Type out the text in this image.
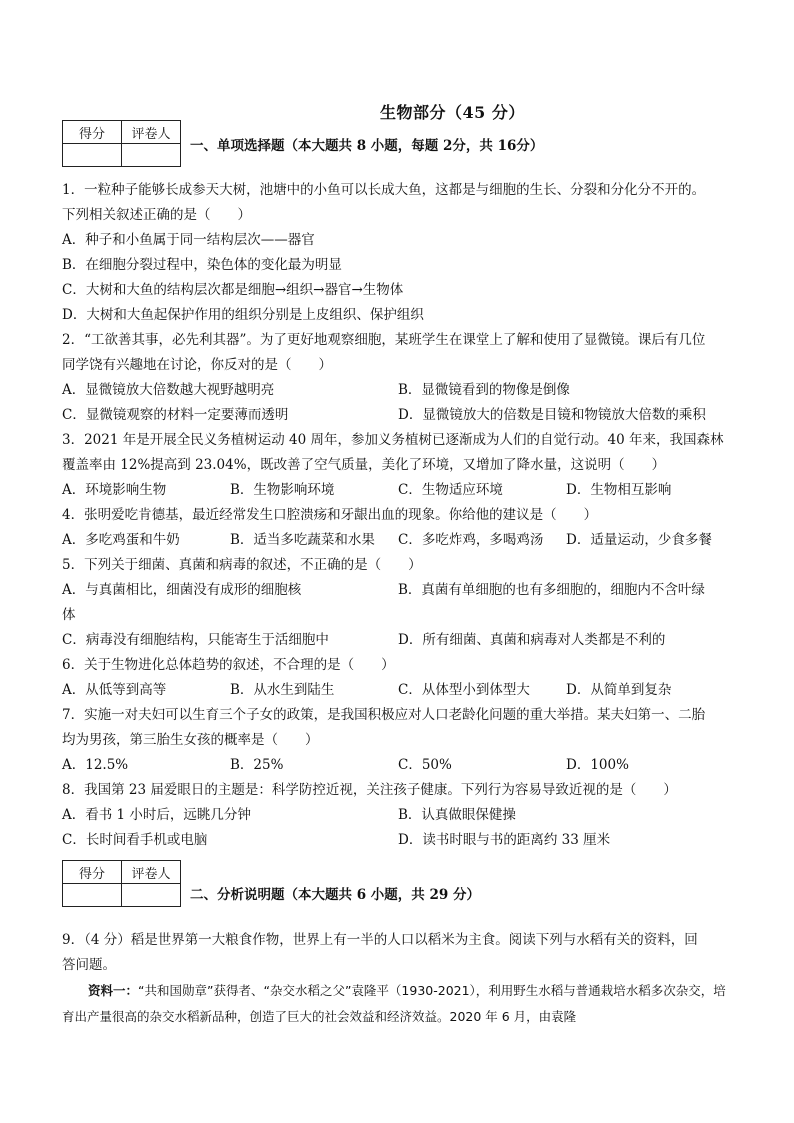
生物部分（45 分）
得分	评卷人

一、单项选择题（本大题共 8 小题，每题 2分，共 16分）
1．一粒种子能够长成参天大树，池塘中的小鱼可以长成大鱼，这都是与细胞的生长、分裂和分化分不开的。
下列相关叙述正确的是（　　）
A．种子和小鱼属于同一结构层次——器官
B．在细胞分裂过程中，染色体的变化最为明显
C．大树和大鱼的结构层次都是细胞→组织→器官→生物体
D．大树和大鱼起保护作用的组织分别是上皮组织、保护组织
2．“工欲善其事，必先利其器”。为了更好地观察细胞，某班学生在课堂上了解和使用了显微镜。课后有几位
同学饶有兴趣地在讨论，你反对的是（　　）
A．显微镜放大倍数越大视野越明亮	B．显微镜看到的物像是倒像
C．显微镜观察的材料一定要薄而透明	D．显微镜放大的倍数是目镜和物镜放大倍数的乘积
3．2021 年是开展全民义务植树运动 40 周年，参加义务植树已逐渐成为人们的自觉行动。40 年来，我国森林
覆盖率由 12%提高到 23.04%，既改善了空气质量，美化了环境，又增加了降水量，这说明（　　）
A．环境影响生物	B．生物影响环境	C．生物适应环境	D．生物相互影响
4．张明爱吃肯德基，最近经常发生口腔溃疡和牙龈出血的现象。你给他的建议是（　　）
A．多吃鸡蛋和牛奶	B．适当多吃蔬菜和水果 C．多吃炸鸡，多喝鸡汤 D．适量运动，少食多餐
5．下列关于细菌、真菌和病毒的叙述，不正确的是（　　）
A．与真菌相比，细菌没有成形的细胞核	B．真菌有单细胞的也有多细胞的，细胞内不含叶绿
体
C．病毒没有细胞结构，只能寄生于活细胞中	D．所有细菌、真菌和病毒对人类都是不利的
6．关于生物进化总体趋势的叙述，不合理的是（　　）
A．从低等到高等	B．从水生到陆生	C．从体型小到体型大	D．从简单到复杂
7．实施一对夫妇可以生育三个子女的政策，是我国积极应对人口老龄化问题的重大举措。某夫妇第一、二胎
均为男孩，第三胎生女孩的概率是（　　）
A．12.5%	B．25%	C．50%	D．100%
8．我国第 23 届爱眼日的主题是：科学防控近视，关注孩子健康。下列行为容易导致近视的是（　　）
A．看书 1 小时后，远眺几分钟	B．认真做眼保健操
C．长时间看手机或电脑	D．读书时眼与书的距离约 33 厘米
得分	评卷人

二、分析说明题（本大题共 6 小题，共 29 分）
9．（4 分）稻是世界第一大粮食作物，世界上有一半的人口以稻米为主食。阅读下列与水稻有关的资料，回
答问题。
资料一：“共和国勋章”获得者、“杂交水稻之父”袁隆平（1930-2021），利用野生水稻与普通栽培水稻多次杂交，培育出产量很高的杂交水稻新品种，创造了巨大的社会效益和经济效益。2020 年 6 月，由袁隆
